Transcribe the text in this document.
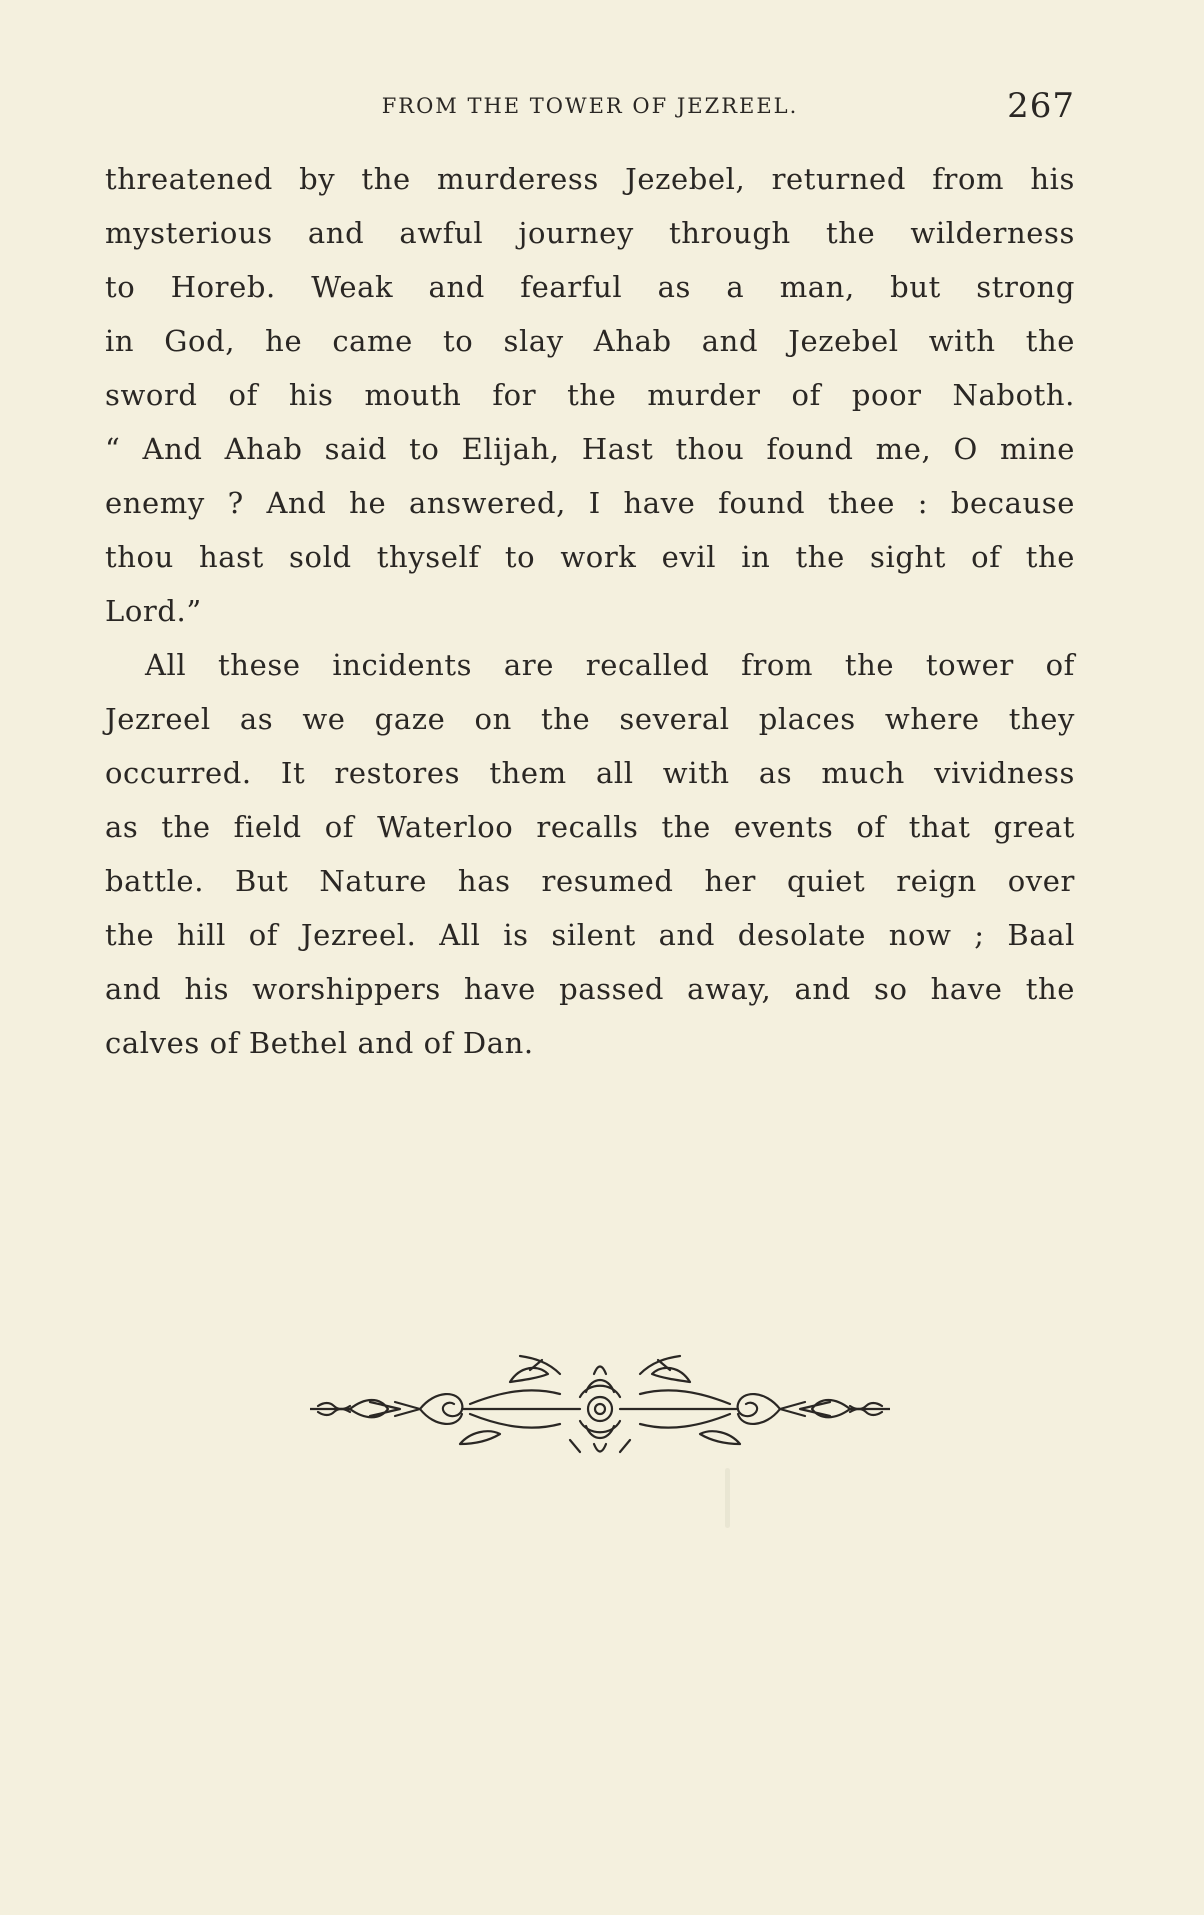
FROM THE TOWER OF JEZREEL.	267

threatened by the murderess Jezebel, returned from his
mysterious and awful journey through the wilderness
to Horeb. Weak and fearful as a man, but strong
in God, he came to slay Ahab and Jezebel with the
sword of his mouth for the murder of poor Naboth.
“ And Ahab said to Elijah, Hast thou found me, O mine
enemy ? And he answered, I have found thee : because
thou hast sold thyself to work evil in the sight of the
Lord.”

All these incidents are recalled from the tower of
Jezreel as we gaze on the several places where they
occurred. It restores them all with as much vividness
as the field of Waterloo recalls the events of that great
battle. But Nature has resumed her quiet reign over
the hill of Jezreel. All is silent and desolate now ; Baal
and his worshippers have passed away, and so have the
calves of Bethel and of Dan.
